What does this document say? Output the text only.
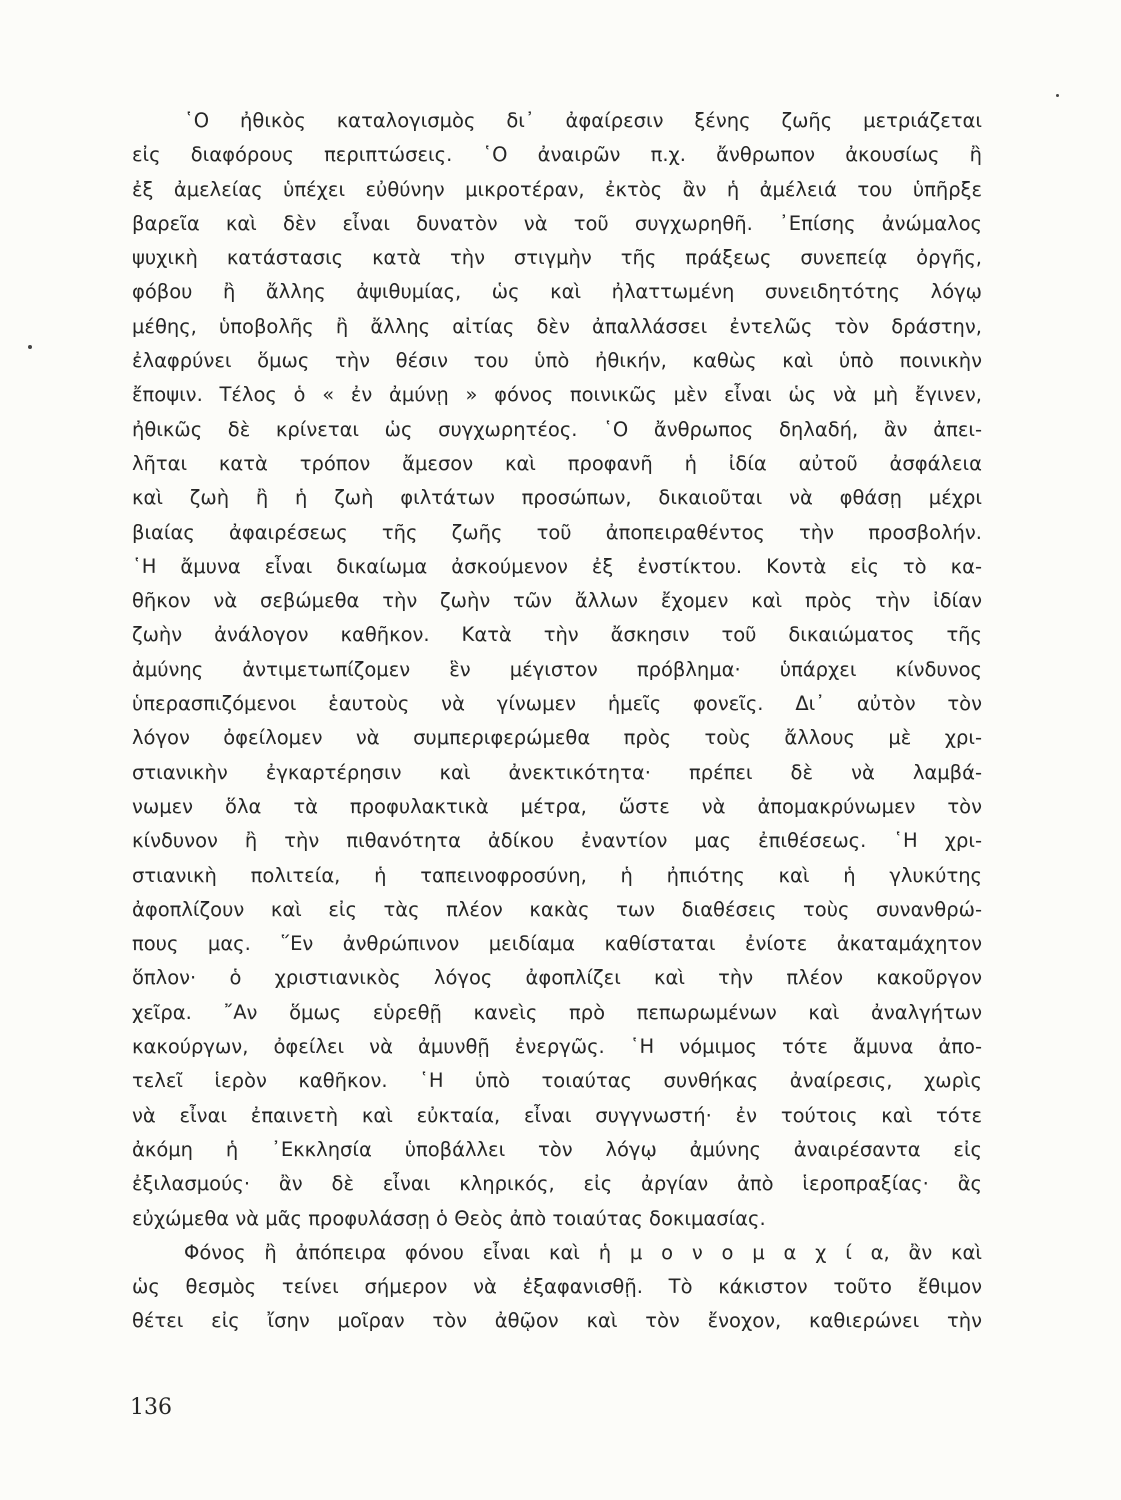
῾Ο ἠθικὸς καταλογισμὸς δι᾽ ἀφαίρεσιν ξένης ζωῆς μετριάζεται
εἰς διαφόρους περιπτώσεις. ῾Ο ἀναιρῶν π.χ. ἄνθρωπον ἀκουσίως ἢ
ἐξ ἀμελείας ὑπέχει εὐθύνην μικροτέραν, ἐκτὸς ἂν ἡ ἀμέλειά του ὑπῆρξε
βαρεῖα καὶ δὲν εἶναι δυνατὸν νὰ τοῦ συγχωρηθῆ. ᾿Επίσης ἀνώμαλος
ψυχικὴ κατάστασις κατὰ τὴν στιγμὴν τῆς πράξεως συνεπείᾳ ὀργῆς,
φόβου ἢ ἄλλης ἀψιθυμίας, ὡς καὶ ἠλαττωμένη συνειδητότης λόγῳ
μέθης, ὑποβολῆς ἢ ἄλλης αἰτίας δὲν ἀπαλλάσσει ἐντελῶς τὸν δράστην,
ἐλαφρύνει ὅμως τὴν θέσιν του ὑπὸ ἠθικήν, καθὼς καὶ ὑπὸ ποινικὴν
ἔποψιν. Τέλος ὁ « ἐν ἀμύνῃ » φόνος ποινικῶς μὲν εἶναι ὡς νὰ μὴ ἔγινεν,
ἠθικῶς δὲ κρίνεται ὡς συγχωρητέος. ῾Ο ἄνθρωπος δηλαδή, ἂν ἀπει-
λῆται κατὰ τρόπον ἄμεσον καὶ προφανῆ ἡ ἰδία αὐτοῦ ἀσφάλεια
καὶ ζωὴ ἢ ἡ ζωὴ φιλτάτων προσώπων, δικαιοῦται νὰ φθάσῃ μέχρι
βιαίας ἀφαιρέσεως τῆς ζωῆς τοῦ ἀποπειραθέντος τὴν προσβολήν.
῾Η ἄμυνα εἶναι δικαίωμα ἀσκούμενον ἐξ ἐνστίκτου. Κοντὰ εἰς τὸ κα-
θῆκον νὰ σεβώμεθα τὴν ζωὴν τῶν ἄλλων ἔχομεν καὶ πρὸς τὴν ἰδίαν
ζωὴν ἀνάλογον καθῆκον. Κατὰ τὴν ἄσκησιν τοῦ δικαιώματος τῆς
ἀμύνης ἀντιμετωπίζομεν ἓν μέγιστον πρόβλημα· ὑπάρχει κίνδυνος
ὑπερασπιζόμενοι ἑαυτοὺς νὰ γίνωμεν ἡμεῖς φονεῖς. Δι᾽ αὐτὸν τὸν
λόγον ὀφείλομεν νὰ συμπεριφερώμεθα πρὸς τοὺς ἄλλους μὲ χρι-
στιανικὴν ἐγκαρτέρησιν καὶ ἀνεκτικότητα· πρέπει δὲ νὰ λαμβά-
νωμεν ὅλα τὰ προφυλακτικὰ μέτρα, ὥστε νὰ ἀπομακρύνωμεν τὸν
κίνδυνον ἢ τὴν πιθανότητα ἀδίκου ἐναντίον μας ἐπιθέσεως. ῾Η χρι-
στιανικὴ πολιτεία, ἡ ταπεινοφροσύνη, ἡ ἠπιότης καὶ ἡ γλυκύτης
ἀφοπλίζουν καὶ εἰς τὰς πλέον κακὰς των διαθέσεις τοὺς συνανθρώ-
πους μας. ῞Εν ἀνθρώπινον μειδίαμα καθίσταται ἐνίοτε ἀκαταμάχητον
ὅπλον· ὁ χριστιανικὸς λόγος ἀφοπλίζει καὶ τὴν πλέον κακοῦργον
χεῖρα. ῎Αν ὅμως εὑρεθῇ κανεὶς πρὸ πεπωρωμένων καὶ ἀναλγήτων
κακούργων, ὀφείλει νὰ ἀμυνθῇ ἐνεργῶς. ῾Η νόμιμος τότε ἄμυνα ἀπο-
τελεῖ ἱερὸν καθῆκον. ῾Η ὑπὸ τοιαύτας συνθήκας ἀναίρεσις, χωρὶς
νὰ εἶναι ἐπαινετὴ καὶ εὐκταία, εἶναι συγγνωστή· ἐν τούτοις καὶ τότε
ἀκόμη ἡ ᾿Εκκλησία ὑποβάλλει τὸν λόγῳ ἀμύνης ἀναιρέσαντα εἰς
ἐξιλασμούς· ἂν δὲ εἶναι κληρικός, εἰς ἀργίαν ἀπὸ ἱεροπραξίας· ἂς
εὐχώμεθα νὰ μᾶς προφυλάσσῃ ὁ Θεὸς ἀπὸ τοιαύτας δοκιμασίας.
Φόνος ἢ ἀπόπειρα φόνου εἶναι καὶ ἡ μ ο ν ο μ α χ ί α, ἂν καὶ
ὡς θεσμὸς τείνει σήμερον νὰ ἐξαφανισθῇ. Τὸ κάκιστον τοῦτο ἔθιμον
θέτει εἰς ἴσην μοῖραν τὸν ἀθῷον καὶ τὸν ἔνοχον, καθιερώνει τὴν
136
